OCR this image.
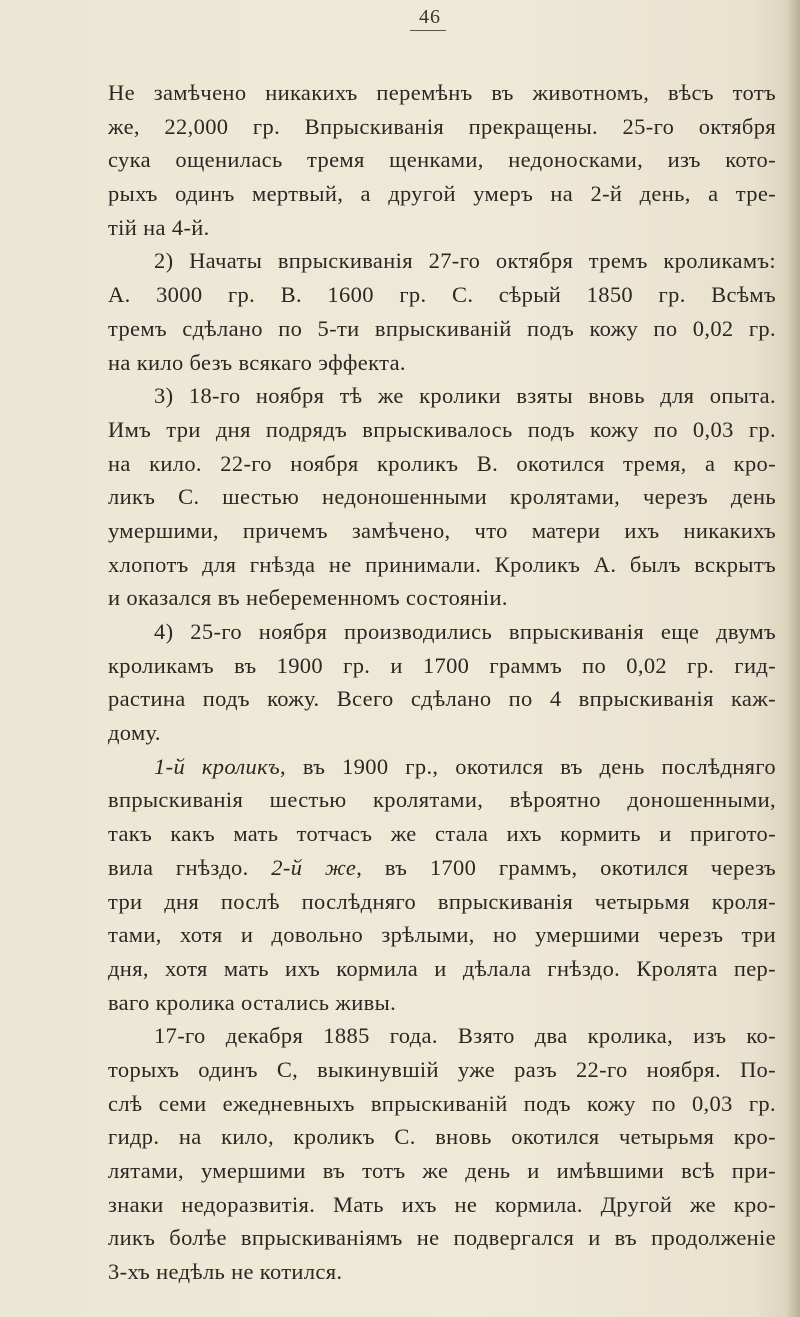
46
Не замѣчено никакихъ перемѣнъ въ животномъ, вѣсъ тотъ
же, 22,000 гр. Впрыскиванія прекращены. 25-го октября
сука ощенилась тремя щенками, недоносками, изъ кото-
рыхъ одинъ мертвый, а другой умеръ на 2-й день, а тре-
тій на 4-й.
2) Начаты впрыскиванія 27-го октября тремъ кроликамъ:
A. 3000 гр. B. 1600 гр. C. сѣрый 1850 гр. Всѣмъ
тремъ сдѣлано по 5-ти впрыскиваній подъ кожу по 0,02 гр.
на кило безъ всякаго эффекта.
3) 18-го ноября тѣ же кролики взяты вновь для опыта.
Имъ три дня подрядъ впрыскивалось подъ кожу по 0,03 гр.
на кило. 22-го ноября кроликъ B. окотился тремя, а кро-
ликъ C. шестью недоношенными кролятами, черезъ день
умершими, причемъ замѣчено, что матери ихъ никакихъ
хлопотъ для гнѣзда не принимали. Кроликъ A. былъ вскрытъ
и оказался въ небеременномъ состояніи.
4) 25-го ноября производились впрыскиванія еще двумъ
кроликамъ въ 1900 гр. и 1700 граммъ по 0,02 гр. гид-
растина подъ кожу. Всего сдѣлано по 4 впрыскиванія каж-
дому.
1-й кроликъ, въ 1900 гр., окотился въ день послѣдняго
впрыскиванія шестью кролятами, вѣроятно доношенными,
такъ какъ мать тотчасъ же стала ихъ кормить и пригото-
вила гнѣздо. 2-й же, въ 1700 граммъ, окотился черезъ
три дня послѣ послѣдняго впрыскиванія четырьмя кроля-
тами, хотя и довольно зрѣлыми, но умершими черезъ три
дня, хотя мать ихъ кормила и дѣлала гнѣздо. Кролята пер-
ваго кролика остались живы.
17-го декабря 1885 года. Взято два кролика, изъ ко-
торыхъ одинъ C, выкинувшій уже разъ 22-го ноября. По-
слѣ семи ежедневныхъ впрыскиваній подъ кожу по 0,03 гр.
гидр. на кило, кроликъ C. вновь окотился четырьмя кро-
лятами, умершими въ тотъ же день и имѣвшими всѣ при-
знаки недоразвитія. Мать ихъ не кормила. Другой же кро-
ликъ болѣе впрыскиваніямъ не подвергался и въ продолженіе
3-хъ недѣль не котился.
